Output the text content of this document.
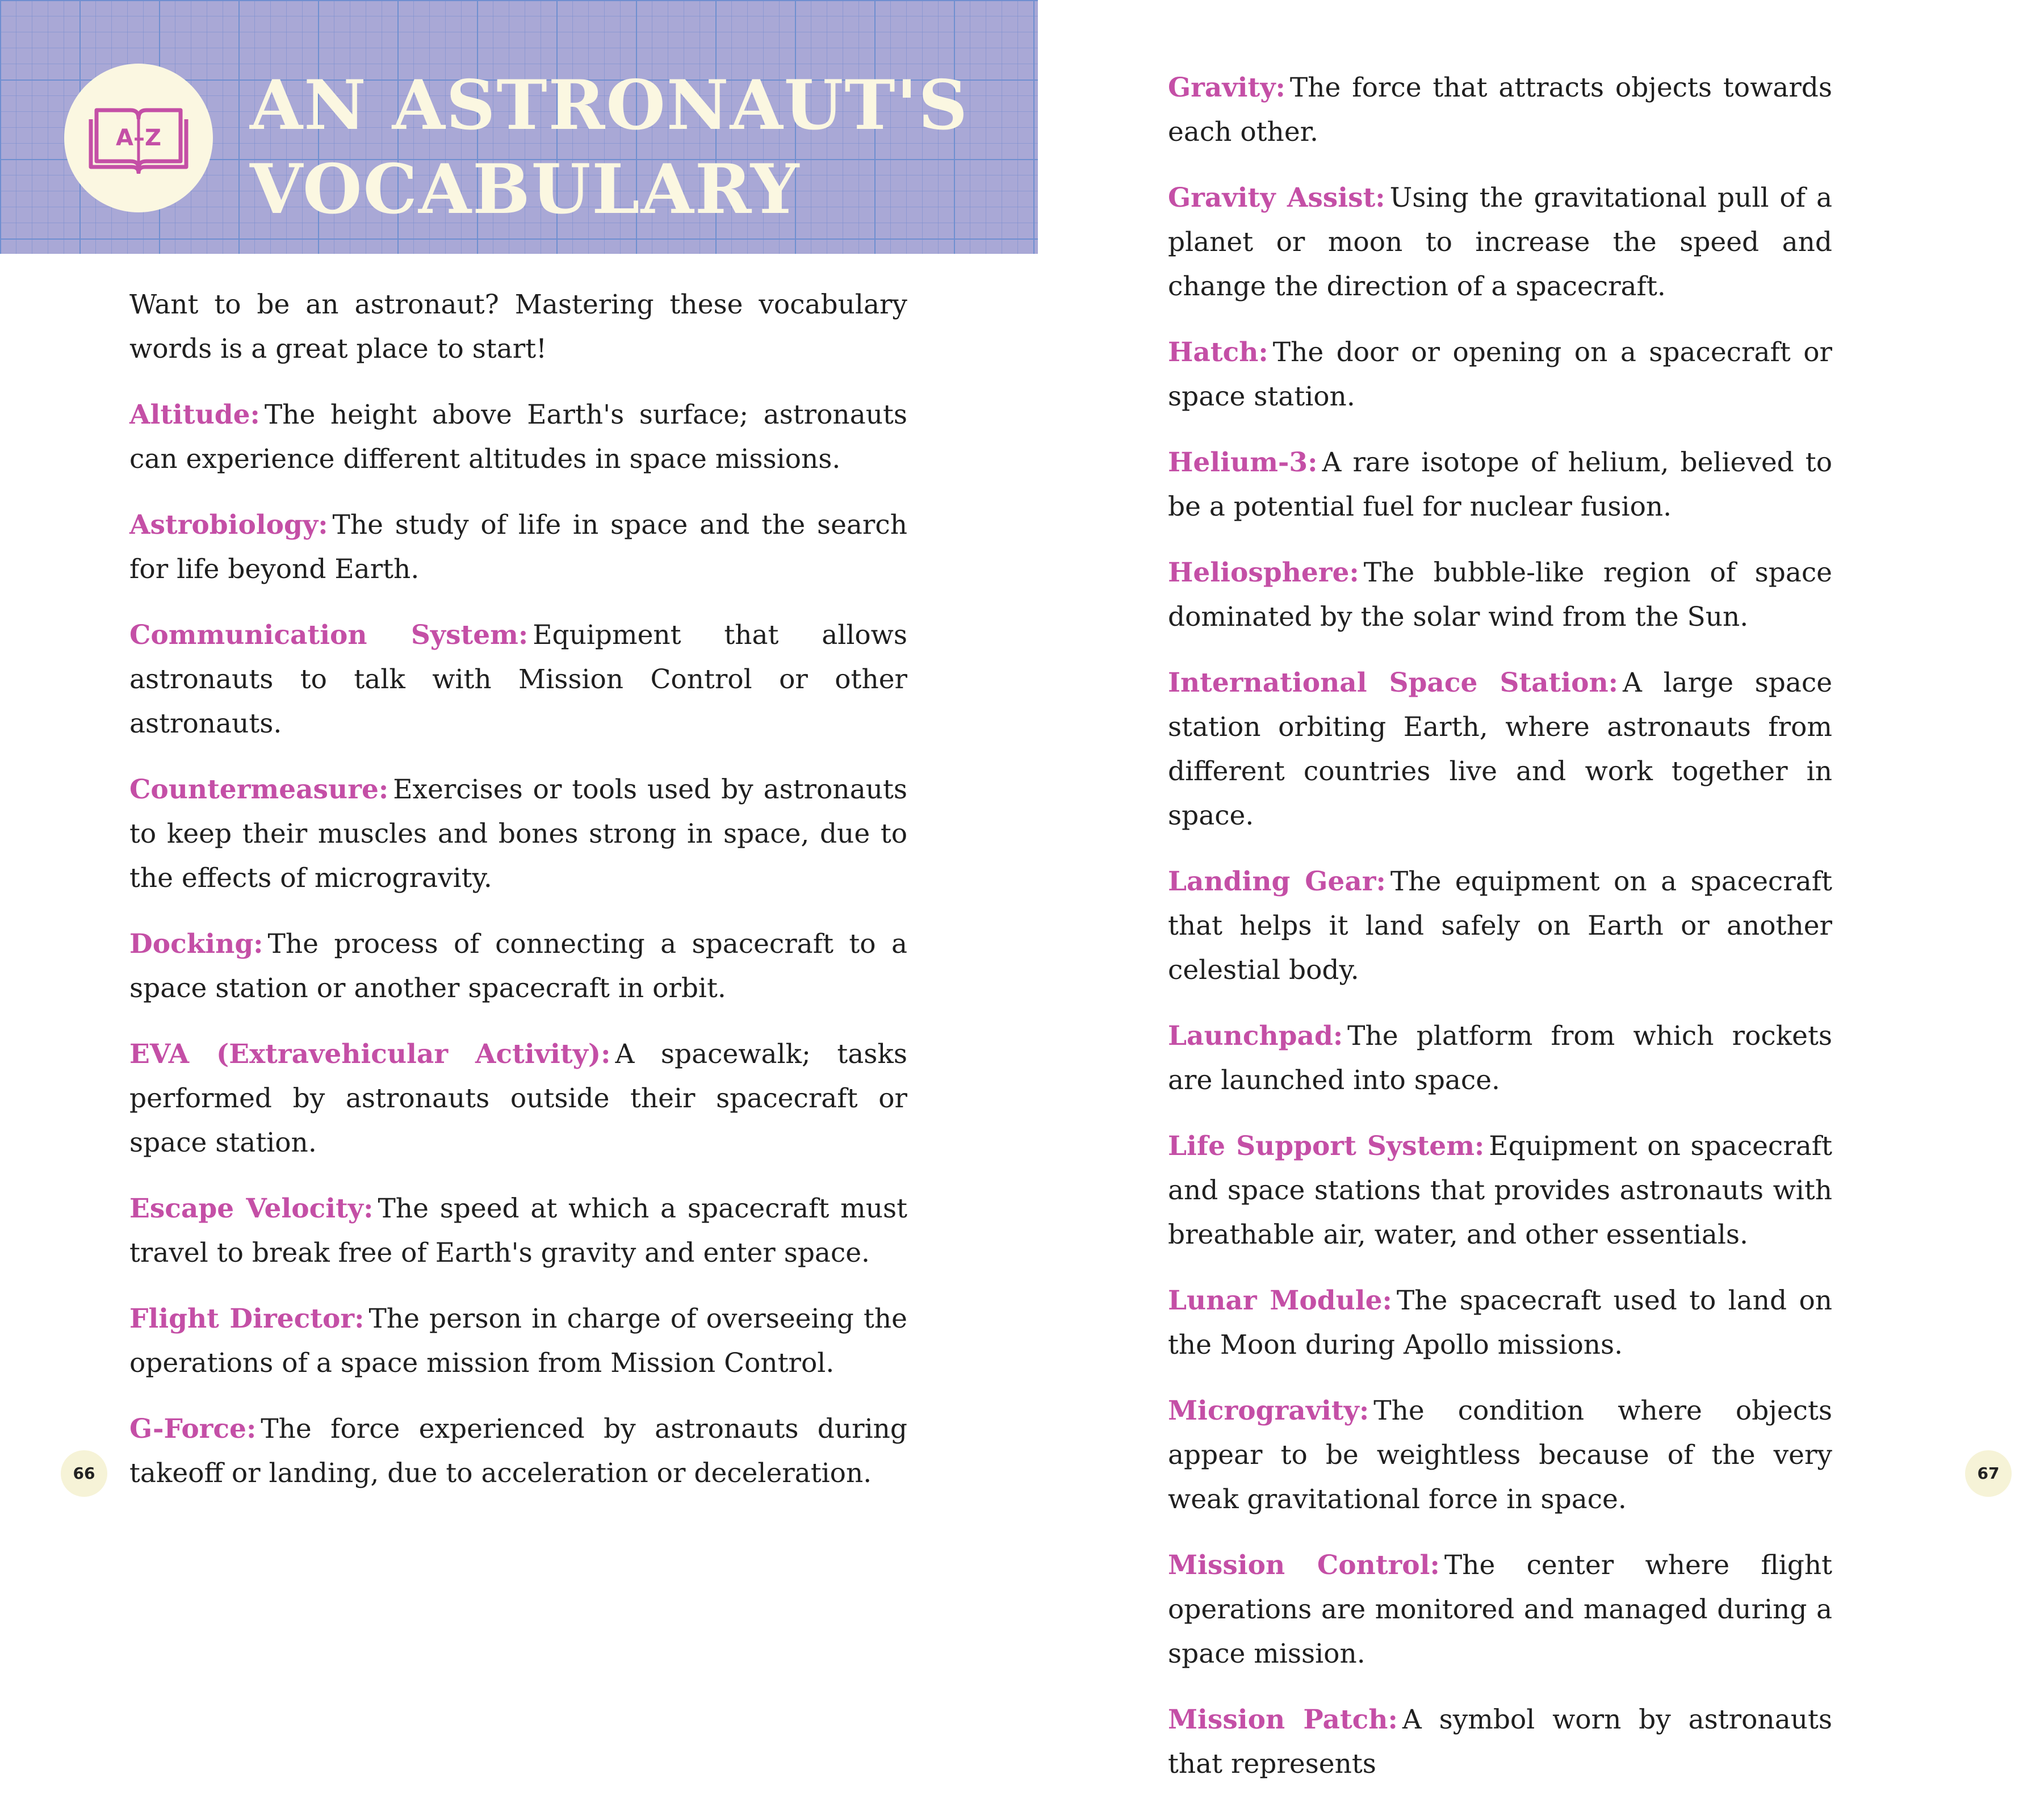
A–Z AN ASTRONAUT'S
VOCABULARY

Want to be an astronaut? Mastering these vocabulary words is a great place to start!

Altitude: The height above Earth's surface; astronauts can experience different altitudes in space missions.

Astrobiology: The study of life in space and the search for life beyond Earth.

Communication System: Equipment that allows astronauts to talk with Mission Control or other astronauts.

Countermeasure: Exercises or tools used by astronauts to keep their muscles and bones strong in space, due to the effects of microgravity.

Docking: The process of connecting a spacecraft to a space station or another spacecraft in orbit.

EVA (Extravehicular Activity): A spacewalk; tasks performed by astronauts outside their spacecraft or space station.

Escape Velocity: The speed at which a spacecraft must travel to break free of Earth's gravity and enter space.

Flight Director: The person in charge of overseeing the operations of a space mission from Mission Control.

G-Force: The force experienced by astronauts during takeoff or landing, due to acceleration or deceleration.

66

Gravity: The force that attracts objects towards each other.

Gravity Assist: Using the gravitational pull of a planet or moon to increase the speed and change the direction of a spacecraft.

Hatch: The door or opening on a spacecraft or space station.

Helium-3: A rare isotope of helium, believed to be a potential fuel for nuclear fusion.

Heliosphere: The bubble-like region of space dominated by the solar wind from the Sun.

International Space Station: A large space station orbiting Earth, where astronauts from different countries live and work together in space.

Landing Gear: The equipment on a spacecraft that helps it land safely on Earth or another celestial body.

Launchpad: The platform from which rockets are launched into space.

Life Support System: Equipment on spacecraft and space stations that provides astronauts with breathable air, water, and other essentials.

Lunar Module: The spacecraft used to land on the Moon during Apollo missions.

Microgravity: The condition where objects appear to be weightless because of the very weak gravitational force in space.

Mission Control: The center where flight operations are monitored and managed during a space mission.

Mission Patch: A symbol worn by astronauts that represents

67
